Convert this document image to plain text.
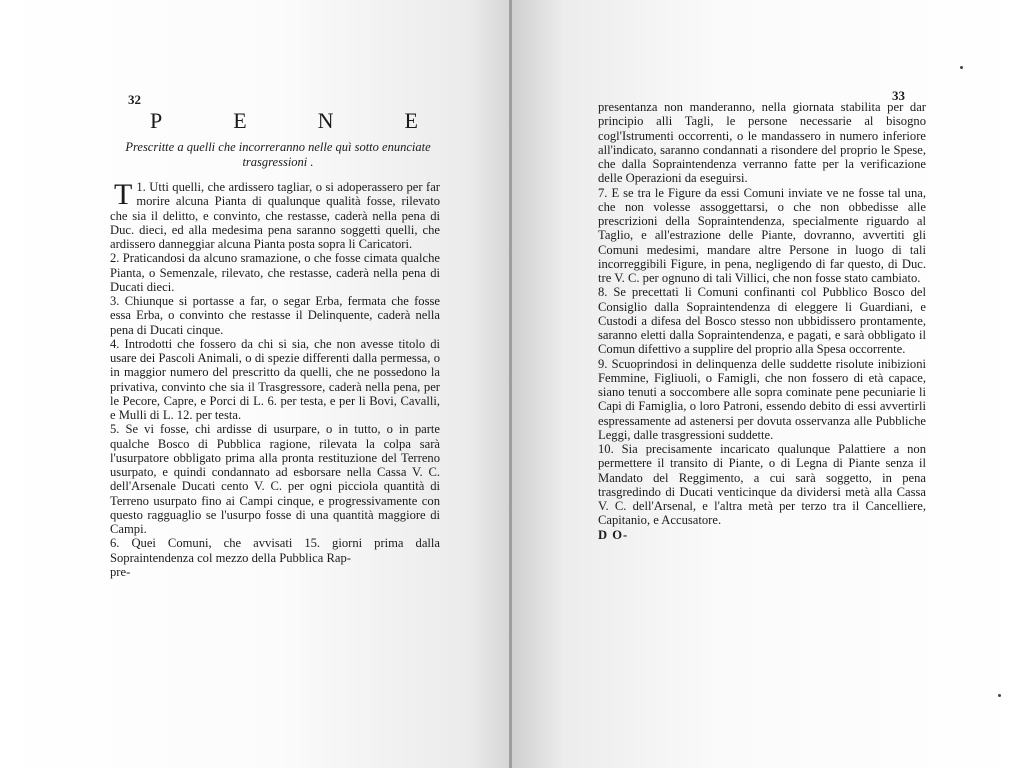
32
P	E	N	E
Prescritte a quelli che incorreranno nelle quì sotto enunciate trasgressioni .

1.
T Utti quelli, che ardissero tagliar, o si adoperassero per far morire alcuna Pianta di qualunque qualità fosse, rilevato che sia il delitto, e convinto, che restasse, caderà nella pena di Duc. dieci, ed alla medesima pena saranno soggetti quelli, che ardissero danneggiar alcuna Pianta posta sopra li Caricatori.

2. Praticandosi da alcuno sramazione, o che fosse cimata qualche Pianta, o Semenzale, rilevato, che restasse, caderà nella pena di Ducati dieci.

3. Chiunque si portasse a far, o segar Erba, fermata che fosse essa Erba, o convinto che restasse il Delinquente, caderà nella pena di Ducati cinque.

4. Introdotti che fossero da chi si sia, che non avesse titolo di usare dei Pascoli Animali, o di spezie differenti dalla permessa, o in maggior numero del prescritto da quelli, che ne possedono la privativa, convinto che sia il Trasgressore, caderà nella pena, per le Pecore, Capre, e Porci di L. 6. per testa, e per li Bovi, Cavalli, e Mulli di L. 12. per testa.

5. Se vi fosse, chi ardisse di usurpare, o in tutto, o in parte qualche Bosco di Pubblica ragione, rilevata la colpa sarà l'usurpatore obbligato prima alla pronta restituzione del Terreno usurpato, e quindi condannato ad esborsare nella Cassa V. C. dell'Arsenale Ducati cento V. C. per ogni picciola quantità di Terreno usurpato fino ai Campi cinque, e progressivamente con questo ragguaglio se l'usurpo fosse di una quantità maggiore di Campi.

6. Quei Comuni, che avvisati 15. giorni prima dalla Sopraintendenza col mezzo della Pubblica Rap-

pre-

33

presentanza non manderanno, nella giornata stabilita per dar principio alli Tagli, le persone necessarie al bisogno cogl'Istrumenti occorrenti, o le mandassero in numero inferiore all'indicato, saranno condannati a risondere del proprio le Spese, che dalla Sopraintendenza verranno fatte per la verificazione delle Operazioni da eseguirsi.

7. E se tra le Figure da essi Comuni inviate ve ne fosse tal una, che non volesse assoggettarsi, o che non obbedisse alle prescrizioni della Sopraintendenza, specialmente riguardo al Taglio, e all'estrazione delle Piante, dovranno, avvertiti gli Comuni medesimi, mandare altre Persone in luogo di tali incorreggibili Figure, in pena, negligendo di far questo, di Duc. tre V. C. per ognuno di tali Villici, che non fosse stato cambiato.

8. Se precettati li Comuni confinanti col Pubblico Bosco del Consiglio dalla Sopraintendenza di eleggere li Guardiani, e Custodi a difesa del Bosco stesso non ubbidissero prontamente, saranno eletti dalla Sopraintendenza, e pagati, e sarà obbligato il Comun difettivo a supplire del proprio alla Spesa occorrente.

9. Scuoprindosi in delinquenza delle suddette risolute inibizioni Femmine, Figliuoli, o Famigli, che non fossero di età capace, siano tenuti a soccombere alle sopra cominate pene pecuniarie li Capi di Famiglia, o loro Patroni, essendo debito di essi avvertirli espressamente ad astenersi per dovuta osservanza alle Pubbliche Leggi, dalle trasgressioni suddette.

10. Sia precisamente incaricato qualunque Palattiere a non permettere il transito di Piante, o di Legna di Piante senza il Mandato del Reggimento, a cui sarà soggetto, in pena trasgredindo di Ducati venticinque da dividersi metà alla Cassa V. C. dell'Arsenal, e l'altra metà per terzo tra il Cancelliere, Capitanio, e Accusatore.

D O-
